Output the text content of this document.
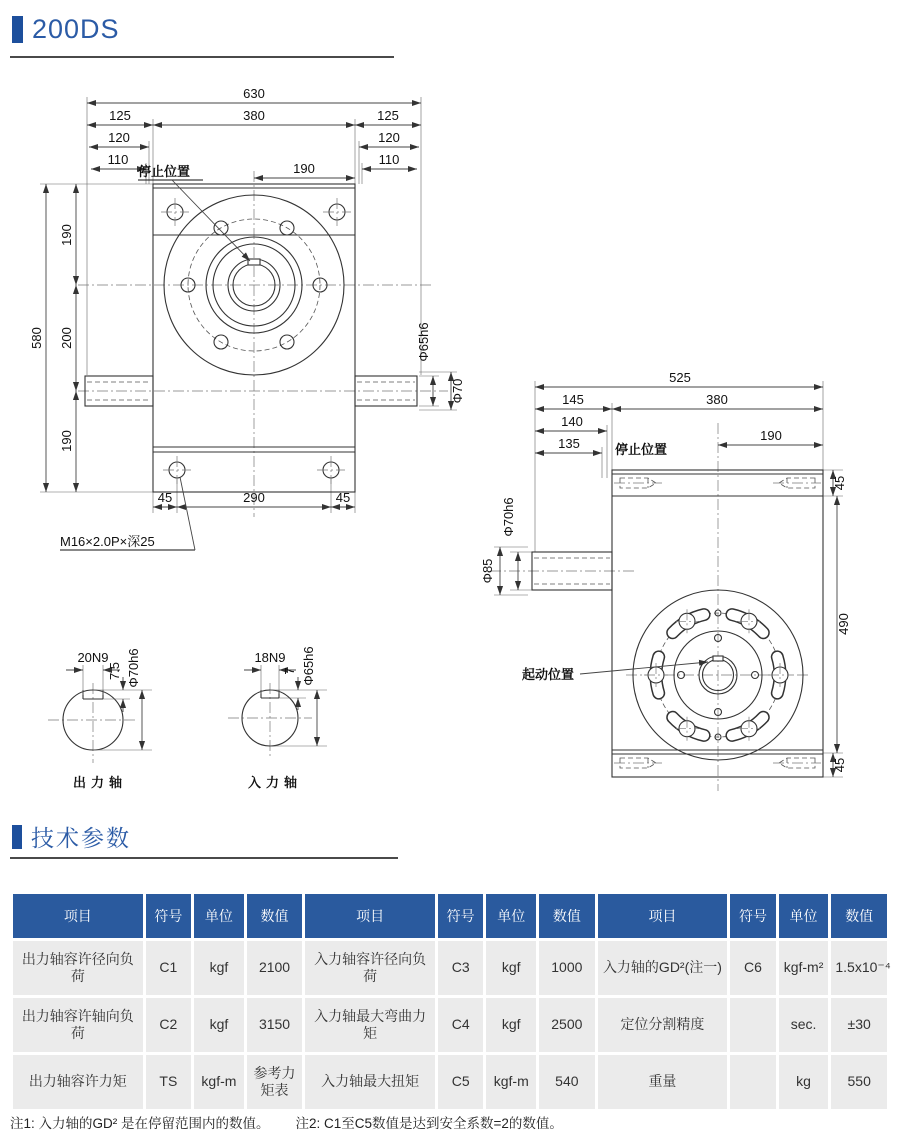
200DS
630
125	380	125
120	120
110	110
190
580
190
200
190
45	290	45
Φ65h6
Φ70
停止位置
M16×2.0P×深25
525
145	380
140
135
190
45
490
45
Φ70h6
Φ85
停止位置
起动位置
20N9
7.5 Φ70h6
出力轴
18N9
7 Φ65h6
入力轴
技术参数
项目	符号	单位	数值	项目	符号	单位	数值	项目	符号	单位	数值
出力轴容许径向负荷	C1	kgf	2100	入力轴容许径向负荷	C3	kgf	1000	入力轴的GD²(注一)	C6	kgf-m²	1.5x10⁻⁴
出力轴容许轴向负荷	C2	kgf	3150	入力轴最大弯曲力矩	C4	kgf	2500	定位分割精度		sec.	±30
出力轴容许力矩	TS	kgf-m	参考力矩表	入力轴最大扭矩	C5	kgf-m	540	重量		kg	550
注1: 入力轴的GD² 是在停留范围内的数值。 注2: C1至C5数值是达到安全系数=2的数值。
